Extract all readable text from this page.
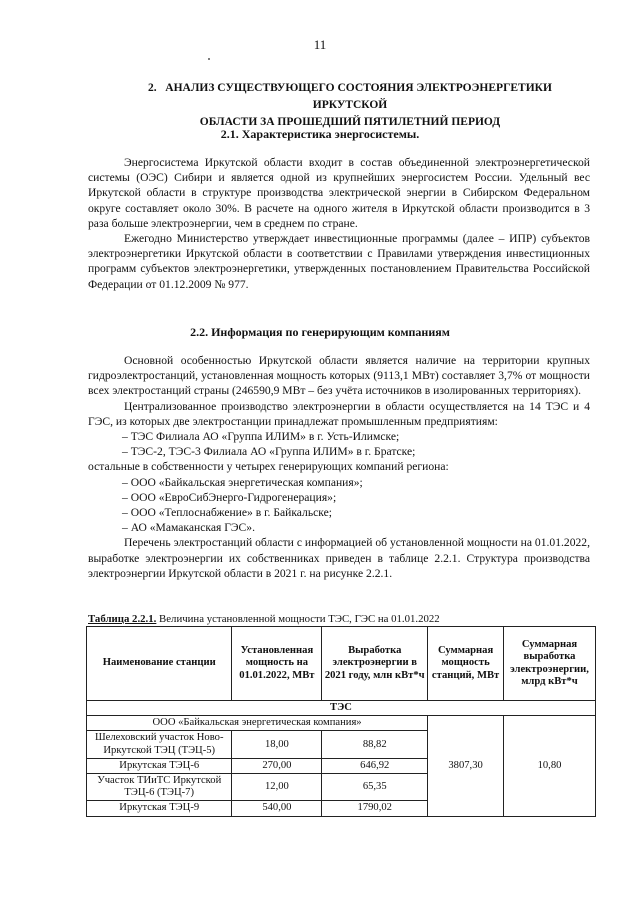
11
2. АНАЛИЗ СУЩЕСТВУЮЩЕГО СОСТОЯНИЯ ЭЛЕКТРОЭНЕРГЕТИКИ ИРКУТСКОЙ
ОБЛАСТИ ЗА ПРОШЕДШИЙ ПЯТИЛЕТНИЙ ПЕРИОД
2.1. Характеристика энергосистемы.

Энергосистема Иркутской области входит в состав объединенной электроэнергетической системы (ОЭС) Сибири и является одной из крупнейших энергосистем России. Удельный вес Иркутской области в структуре производства электрической энергии в Сибирском Федеральном округе составляет около 30%. В расчете на одного жителя в Иркутской области производится в 3 раза больше электроэнергии, чем в среднем по стране.

Ежегодно Министерство утверждает инвестиционные программы (далее – ИПР) субъектов электроэнергетики Иркутской области в соответствии с Правилами утверждения инвестиционных программ субъектов электроэнергетики, утвержденных постановлением Правительства Российской Федерации от 01.12.2009 № 977.

2.2. Информация по генерирующим компаниям

Основной особенностью Иркутской области является наличие на территории крупных гидроэлектростанций, установленная мощность которых (9113,1 МВт) составляет 3,7% от мощности всех электростанций страны (246590,9 МВт – без учёта источников в изолированных территориях).

Централизованное производство электроэнергии в области осуществляется на 14 ТЭС и 4 ГЭС, из которых две электростанции принадлежат промышленным предприятиям:

– ТЭС Филиала АО «Группа ИЛИМ» в г. Усть-Илимске;

– ТЭС-2, ТЭС-3 Филиала АО «Группа ИЛИМ» в г. Братске;

остальные в собственности у четырех генерирующих компаний региона:

– ООО «Байкальская энергетическая компания»;

– ООО «ЕвроСибЭнерго-Гидрогенерация»;

– ООО «Теплоснабжение» в г. Байкальске;

– АО «Мамаканская ГЭС».

Перечень электростанций области с информацией об установленной мощности на 01.01.2022, выработке электроэнергии их собственниках приведен в таблице 2.2.1. Структура производства электроэнергии Иркутской области в 2021 г. на рисунке 2.2.1.

Таблица 2.2.1. Величина установленной мощности ТЭС, ГЭС на 01.01.2022
Наименование станции	Установленная мощность на 01.01.2022, МВт	Выработка электроэнергии в 2021 году, млн кВт*ч	Суммарная мощность станций, МВт	Суммарная выработка электроэнергии, млрд кВт*ч
ТЭС				
ООО «Байкальская энергетическая компания»			3807,30	10,80
Шелеховский участок Ново-Иркутской ТЭЦ (ТЭЦ-5)	18,00	88,82		
Иркутская ТЭЦ-6	270,00	646,92		
Участок ТИиТС Иркутской ТЭЦ-6 (ТЭЦ-7)	12,00	65,35		
Иркутская ТЭЦ-9	540,00	1790,02		
